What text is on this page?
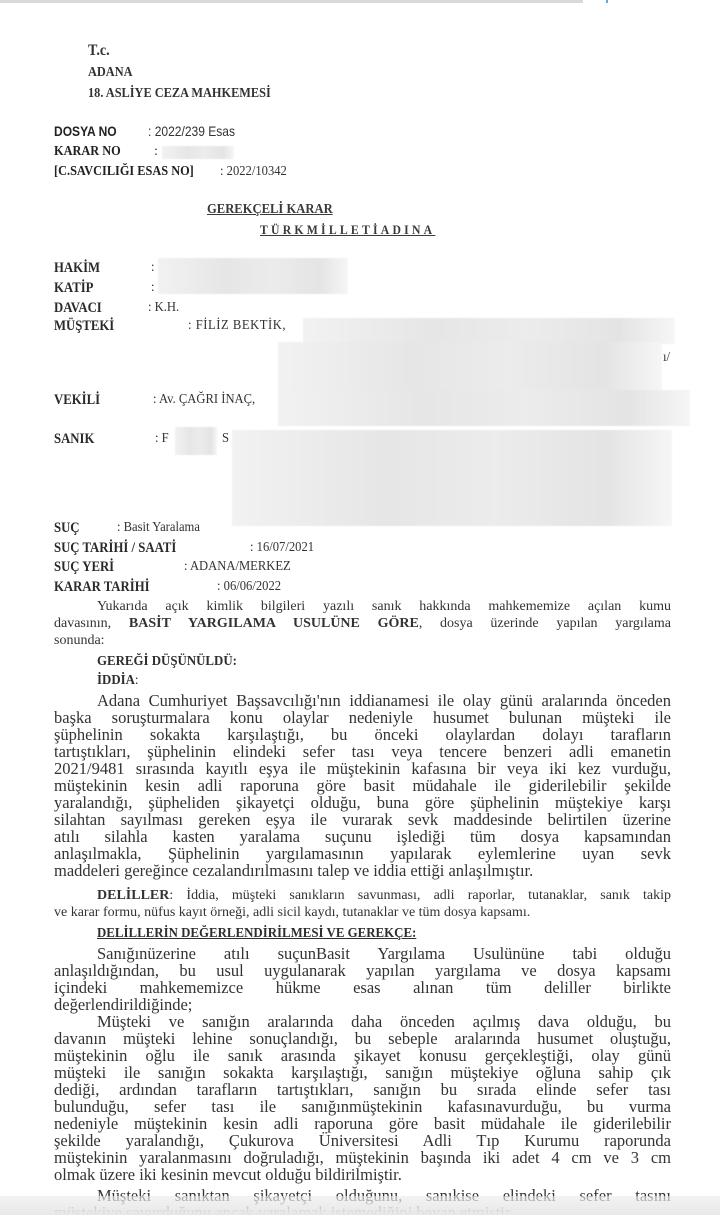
T.c.
ADANA
18. ASLİYE CEZA MAHKEMESİ
DOSYA NO : 2022/239 Esas
KARAR NO :
[C.SAVCILIĞI ESAS NO] : 2022/10342
GEREKÇELİ KARAR
TÜRKMİLLETİADINA
HAKİM	:
KATİP	:
DAVACI	: K.H.
MÜŞTEKİ	: FİLİZ BEKTİK,
ı/
VEKİLİ	: Av. ÇAĞRI İNAÇ,
SANIK	: F	S
SUÇ	: Basit Yaralama
SUÇ TARİHİ / SAATİ	: 16/07/2021
SUÇ YERİ	: ADANA/MERKEZ
KARAR TARİHİ	: 06/06/2022
Yukarıda açık kimlik bilgileri yazılı sanık hakkında mahkememize açılan kumu
davasının, BASİT YARGILAMA USULÜNE GÖRE, dosya üzerinde yapılan yargılama
sonunda:
GEREĞİ DÜŞÜNÜLDÜ:
İDDİA:
Adana Cumhuriyet Başsavcılığı'nın iddianamesi ile olay günü aralarında önceden
başka soruşturmalara konu olaylar nedeniyle husumet bulunan müşteki ile
şüphelinin sokakta karşılaştığı, bu önceki olaylardan dolayı tarafların
tartıştıkları, şüphelinin elindeki sefer tası veya tencere benzeri adli emanetin
2021/9481 sırasında kayıtlı eşya ile müştekinin kafasına bir veya iki kez vurduğu,
müştekinin kesin adli raporuna göre basit müdahale ile giderilebilir şekilde
yaralandığı, şüpheliden şikayetçi olduğu, buna göre şüphelinin müştekiye karşı
silahtan sayılması gereken eşya ile vurarak sevk maddesinde belirtilen üzerine
atılı silahla kasten yaralama suçunu işlediği tüm dosya kapsamından
anlaşılmakla, Şüphelinin yargılamasının yapılarak eylemlerine uyan sevk
maddeleri gereğince cezalandırılmasını talep ve iddia ettiği anlaşılmıştır.
DELİLLER: İddia, müşteki sanıkların savunması, adli raporlar, tutanaklar, sanık takip
ve karar formu, nüfus kayıt örneği, adli sicil kaydı, tutanaklar ve tüm dosya kapsamı.
DELİLLERİN DEĞERLENDİRİLMESİ VE GEREKÇE:
Sanığınüzerine atılı suçunBasit Yargılama Usulününe tabi olduğu
anlaşıldığından, bu usul uygulanarak yapılan yargılama ve dosya kapsamı
içindeki mahkememizce hükme esas alınan tüm deliller birlikte
değerlendirildiğinde;
Müşteki ve sanığın aralarında daha önceden açılmış dava olduğu, bu
davanın müşteki lehine sonuçlandığı, bu sebeple aralarında husumet oluştuğu,
müştekinin oğlu ile sanık arasında şikayet konusu gerçekleştiği, olay günü
müşteki ile sanığın sokakta karşılaştığı, sanığın müştekiye oğluna sahip çık
dediği, ardından tarafların tartıştıkları, sanığın bu sırada elinde sefer tası
bulunduğu, sefer tası ile sanığınmüştekinin kafasınavurduğu, bu vurma
nedeniyle müştekinin kesin adli raporuna göre basit müdahale ile giderilebilir
şekilde yaralandığı, Çukurova Üniversitesi Adli Tıp Kurumu raporunda
müştekinin yaralanmasını doğruladığı, müştekinin başında iki adet 4 cm ve 3 cm
olmak üzere iki kesinin mevcut olduğu bildirilmiştir.
